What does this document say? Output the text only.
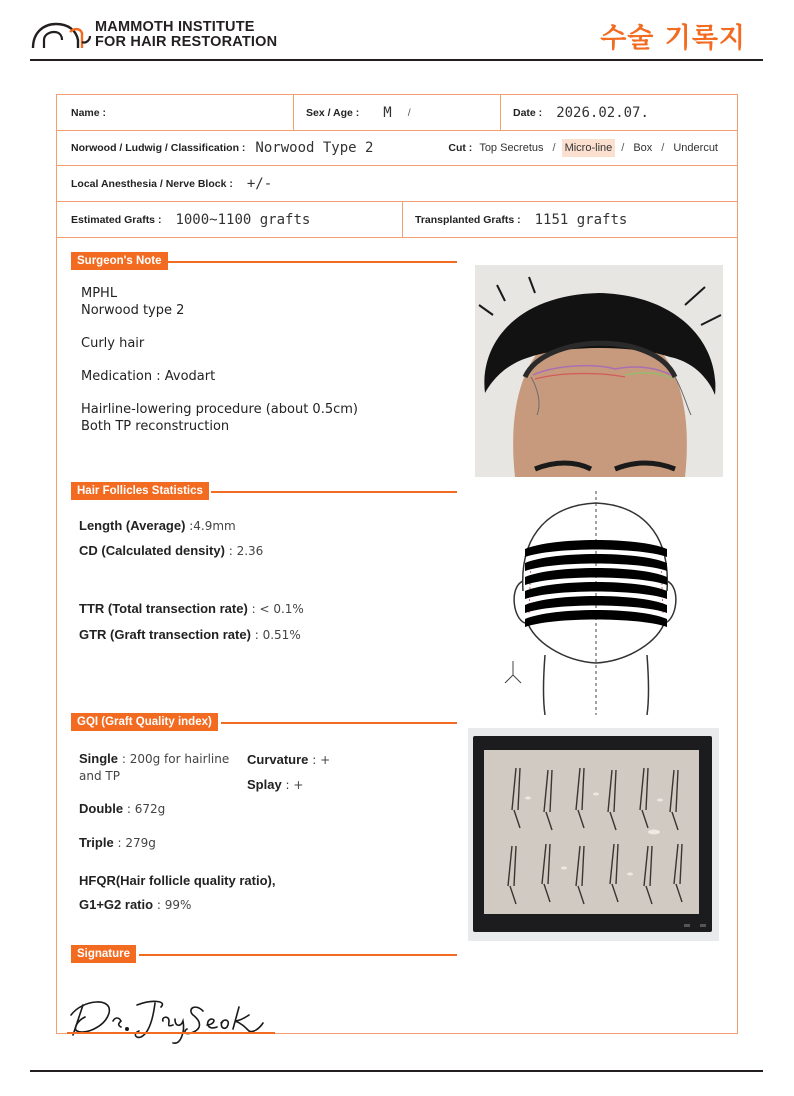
MAMMOTH INSTITUTE
FOR HAIR RESTORATION	수술 기록지
Name :	Sex / Age : M /	Date : 2026.02.07.
Norwood / Ludwig / Classification : Norwood Type 2	Cut : Top Secretus / Micro-line / Box / Undercut
Local Anesthesia / Nerve Block : +/-
Estimated Grafts : 1000~1100 grafts	Transplanted Grafts : 1151 grafts
Surgeon's Note

MPHL

Norwood type 2

Curly hair

Medication : Avodart

Hairline-lowering procedure (about 0.5cm)

Both TP reconstruction

Hair Follicles Statistics
Length (Average) :4.9mm
CD (Calculated density) : 2.36
TTR (Total transection rate) : < 0.1%
GTR (Graft transection rate) : 0.51%
GQI (Graft Quality index)
Single : 200g for hairline
and TP
Curvature : +
Splay : +
Double : 672g
Triple : 279g
HFQR(Hair follicle quality ratio),
G1+G2 ratio : 99%
Signature
